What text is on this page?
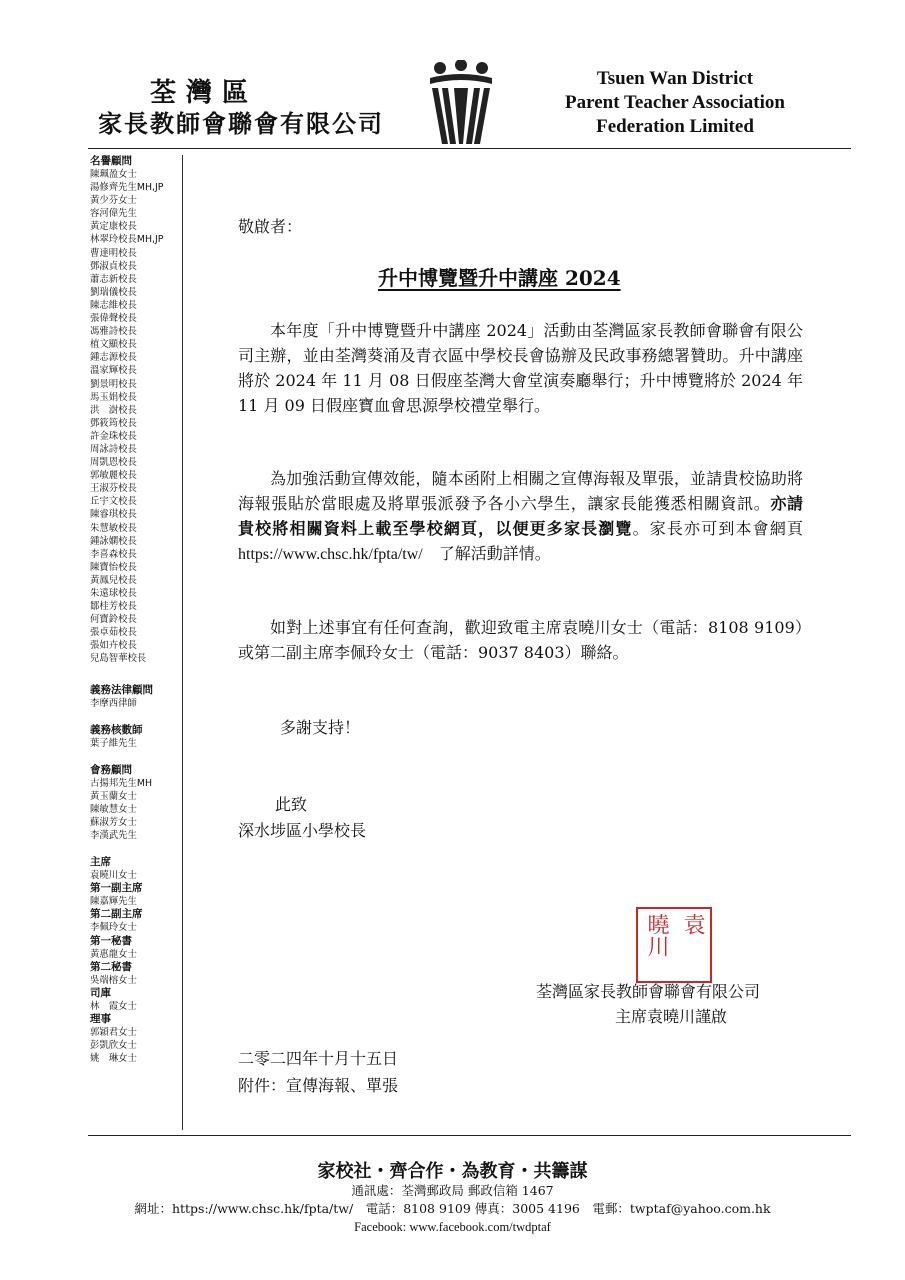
荃灣區
家長教師會聯會有限公司
Tsuen Wan District
Parent Teacher Association
Federation Limited
名譽顧問
陳珮盈女士
湯修齊先生MH,JP
黃少芬女士
容河偉先生
黃定康校長
林翠玲校長MH,JP
曹達明校長
鄧淑貞校長
蕭志新校長
劉瑞儀校長
陳志維校長
張偉聲校長
馮雅詩校長
植文顯校長
鍾志源校長
溫家輝校長
劉景明校長
馬玉娟校長
洪　澍校長
鄧筱筠校長
許金珠校長
周詠詩校長
周凱恩校長
郭敏麗校長
王淑芬校長
丘宇文校長
陳睿琪校長
朱慧敏校長
鍾詠嫻校長
李喜森校長
陳寶怡校長
黃鳳兒校長
朱遠球校長
鄒桂芳校長
何寶鈴校長
張卓茹校長
張如卉校長
兒島智華校長
義務法律顧問
李摩西律師
義務核數師
葉子維先生
會務顧問
古揚邦先生MH
黃玉蘭女士
陳敏慧女士
蘇淑芳女士
李漢武先生
主席
袁曉川女士
第一副主席
陳嘉輝先生
第二副主席
李佩玲女士
第一秘書
黃惠龍女士
第二秘書
吳端榕女士
司庫
林　霞女士
理事
郭穎君女士
彭凱欣女士
姚　琳女士
敬啟者：
升中博覽暨升中講座 2024
本年度「升中博覽暨升中講座 2024」活動由荃灣區家長教師會聯會有限公司主辦，並由荃灣葵涌及青衣區中學校長會協辦及民政事務總署贊助。升中講座將於 2024 年 11 月 08 日假座荃灣大會堂演奏廳舉行；升中博覽將於 2024 年 11 月 09 日假座寶血會思源學校禮堂舉行。
為加強活動宣傳效能，隨本函附上相關之宣傳海報及單張，並請貴校協助將海報張貼於當眼處及將單張派發予各小六學生，讓家長能獲悉相關資訊。亦請　貴校將相關資料上載至學校網頁，以便更多家長瀏覽。家長亦可到本會網頁https://www.chsc.hk/fpta/tw/　了解活動詳情。
如對上述事宜有任何查詢，歡迎致電主席袁曉川女士（電話：8108 9109）或第二副主席李佩玲女士（電話：9037 8403）聯絡。
多謝支持！
此致
深水埗區小學校長
曉川 袁
荃灣區家長教師會聯會有限公司
主席袁曉川謹啟
二零二四年十月十五日
附件：宣傳海報、單張
家校社・齊合作・為教育・共籌謀
通訊處：荃灣郵政局 郵政信箱 1467
網址：https://www.chsc.hk/fpta/tw/　電話：8108 9109 傳真：3005 4196　電郵：twptaf@yahoo.com.hk
Facebook: www.facebook.com/twdptaf
